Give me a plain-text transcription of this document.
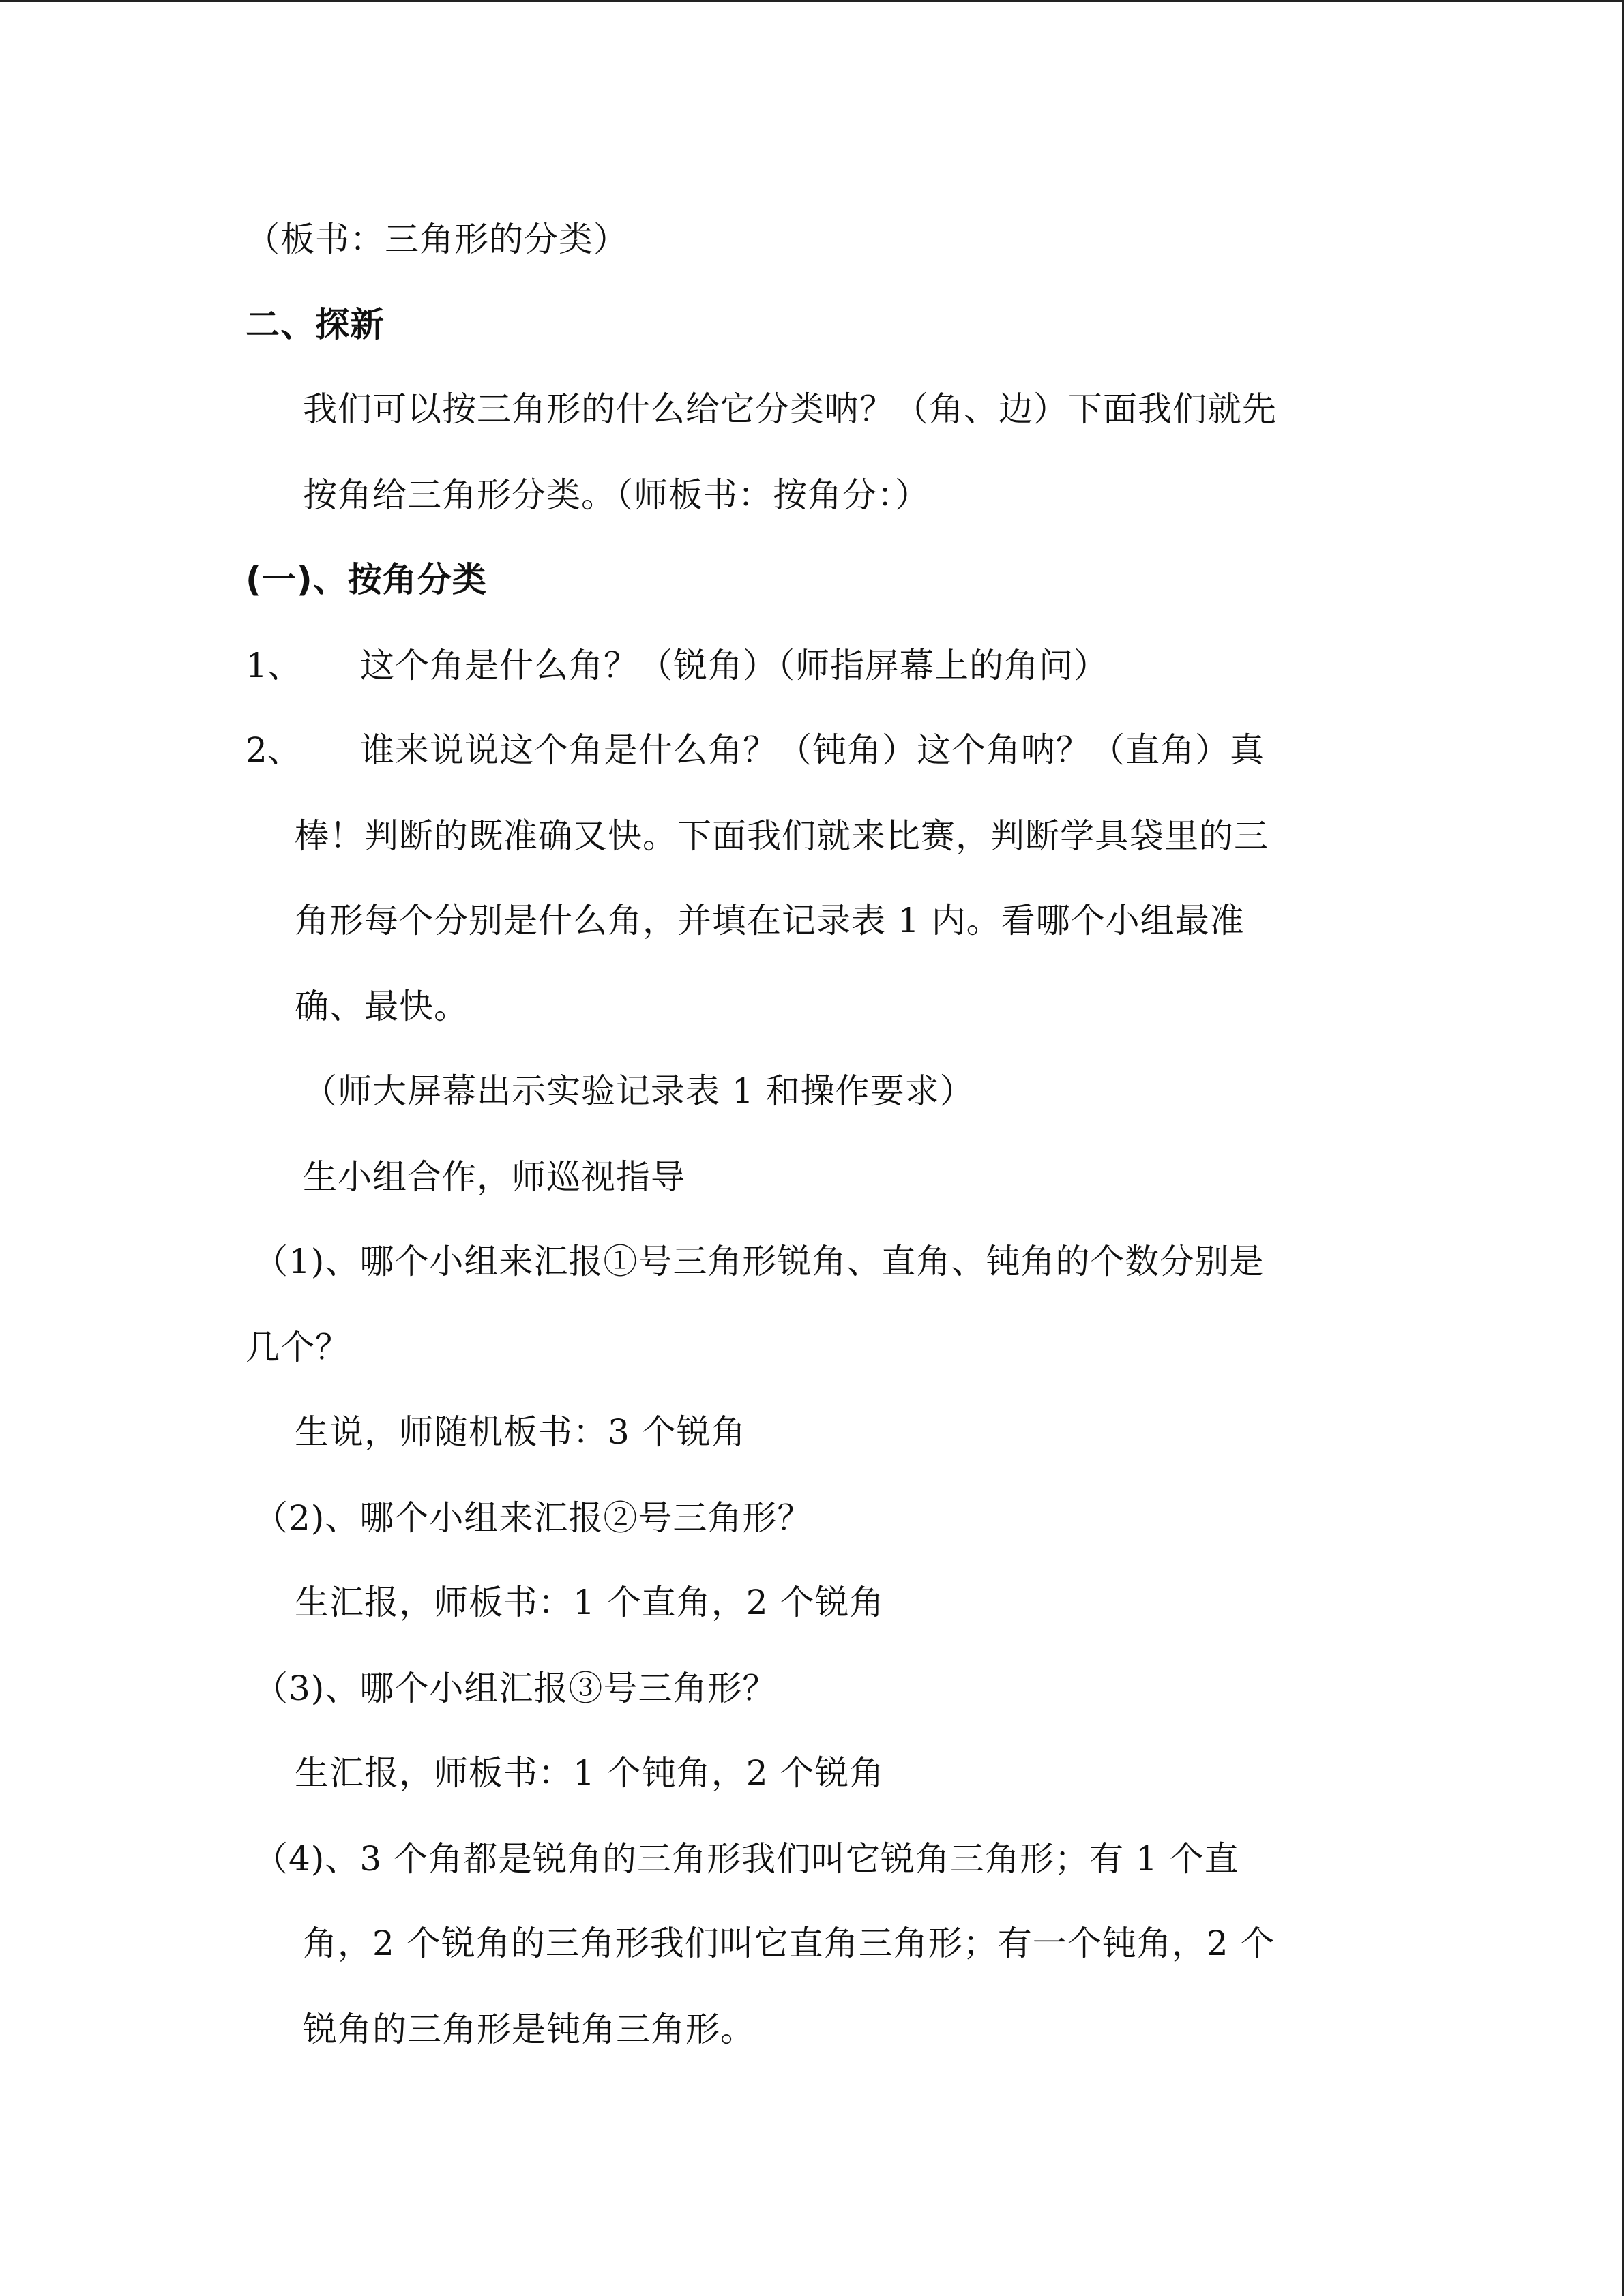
（板书：三角形的分类）
二、探新
我们可以按三角形的什么给它分类呐？（角、边）下面我们就先
按角给三角形分类。（师板书：按角分：）
(一)、按角分类
1、 这个角是什么角？（锐角）（师指屏幕上的角问）
2、 谁来说说这个角是什么角？（钝角）这个角呐？（直角）真
棒！判断的既准确又快。下面我们就来比赛，判断学具袋里的三
角形每个分别是什么角，并填在记录表 1 内。看哪个小组最准
确、最快。
（师大屏幕出示实验记录表 1 和操作要求）
生小组合作，师巡视指导
（1)、哪个小组来汇报①号三角形锐角、直角、钝角的个数分别是
几个？
生说，师随机板书：3 个锐角
（2)、哪个小组来汇报②号三角形？
生汇报，师板书：1 个直角，2 个锐角
（3)、哪个小组汇报③号三角形？
生汇报，师板书：1 个钝角，2 个锐角
（4)、3 个角都是锐角的三角形我们叫它锐角三角形；有 1 个直
角，2 个锐角的三角形我们叫它直角三角形；有一个钝角，2 个
锐角的三角形是钝角三角形。
